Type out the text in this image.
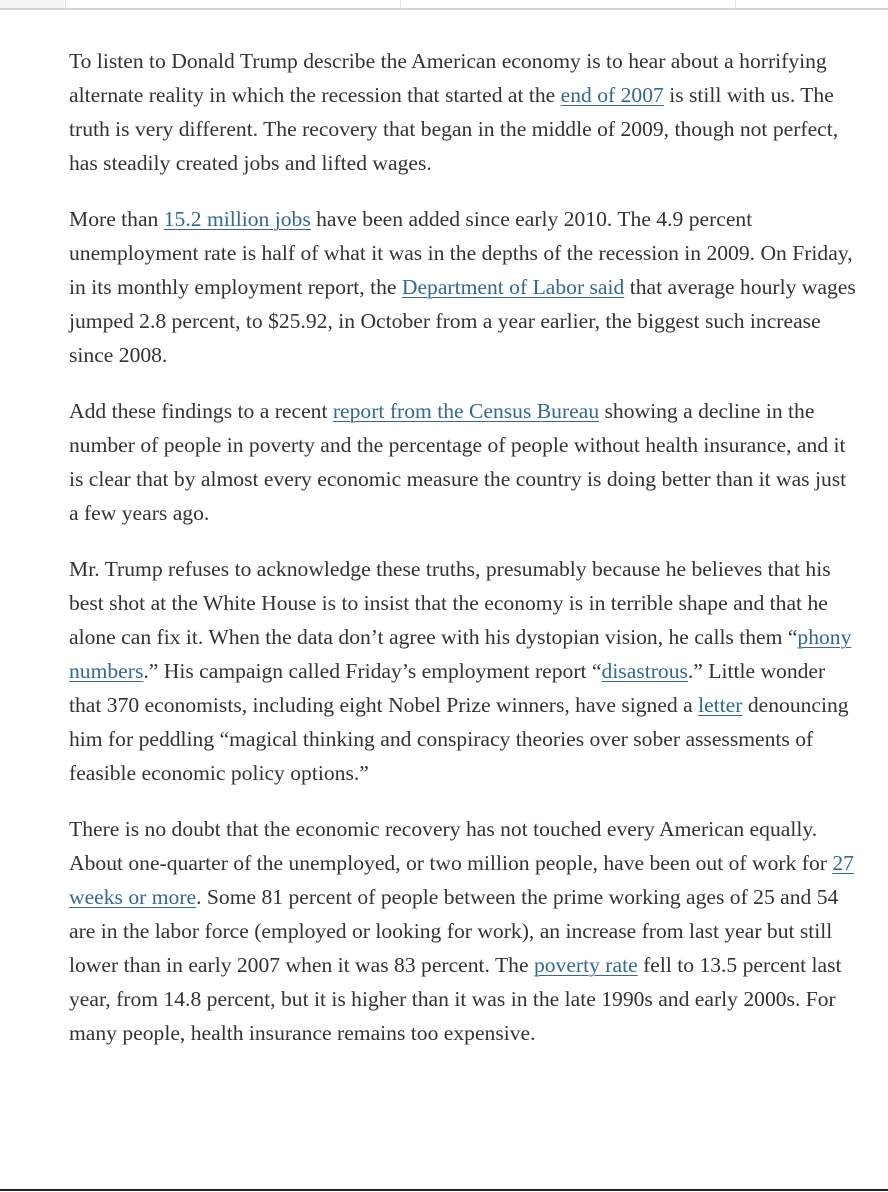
To listen to Donald Trump describe the American economy is to hear about a horrifying alternate reality in which the recession that started at the end of 2007 is still with us. The truth is very different. The recovery that began in the middle of 2009, though not perfect, has steadily created jobs and lifted wages.

More than 15.2 million jobs have been added since early 2010. The 4.9 percent unemployment rate is half of what it was in the depths of the recession in 2009. On Friday, in its monthly employment report, the Department of Labor said that average hourly wages jumped 2.8 percent, to $25.92, in October from a year earlier, the biggest such increase since 2008.

Add these findings to a recent report from the Census Bureau showing a decline in the number of people in poverty and the percentage of people without health insurance, and it is clear that by almost every economic measure the country is doing better than it was just a few years ago.

Mr. Trump refuses to acknowledge these truths, presumably because he believes that his best shot at the White House is to insist that the economy is in terrible shape and that he alone can fix it. When the data don’t agree with his dystopian vision, he calls them “phony numbers.” His campaign called Friday’s employment report “disastrous.” Little wonder that 370 economists, including eight Nobel Prize winners, have signed a letter denouncing him for peddling “magical thinking and conspiracy theories over sober assessments of feasible economic policy options.”

There is no doubt that the economic recovery has not touched every American equally. About one-quarter of the unemployed, or two million people, have been out of work for 27 weeks or more. Some 81 percent of people between the prime working ages of 25 and 54 are in the labor force (employed or looking for work), an increase from last year but still lower than in early 2007 when it was 83 percent. The poverty rate fell to 13.5 percent last year, from 14.8 percent, but it is higher than it was in the late 1990s and early 2000s. For many people, health insurance remains too expensive.
